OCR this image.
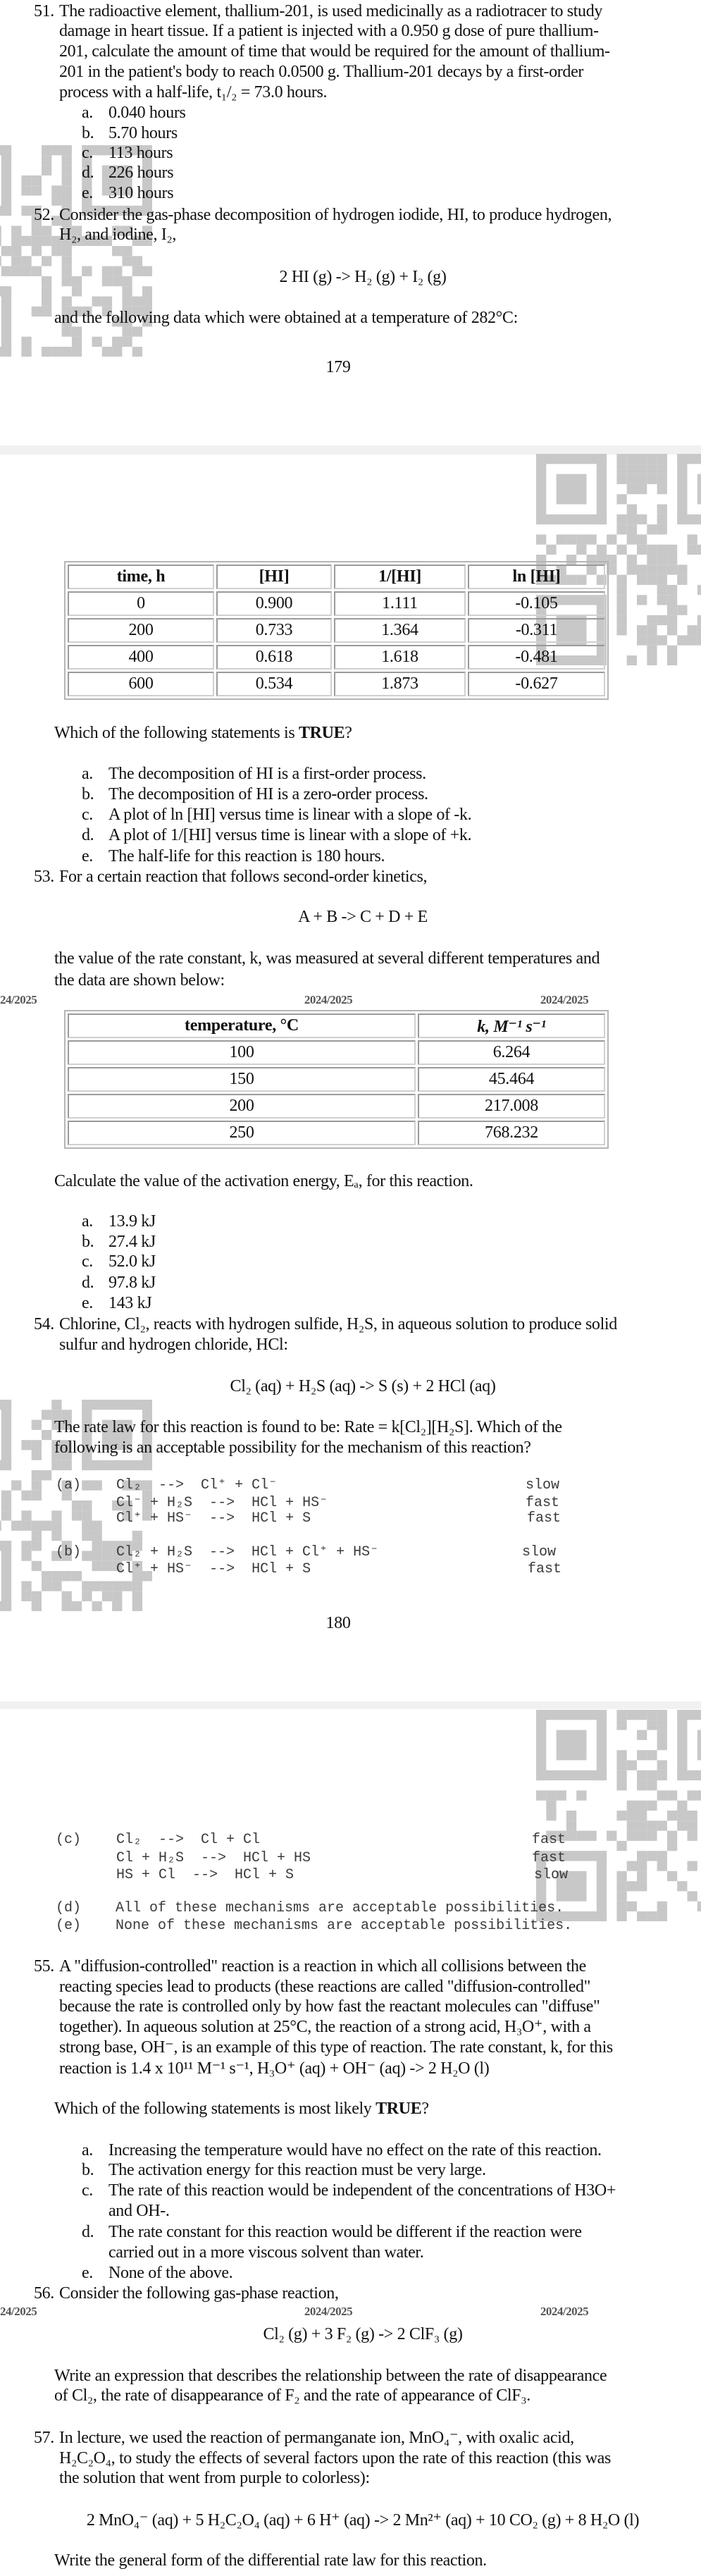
time, h	[HI]	1/[HI]	ln [HI]
0	0.900	1.111	-0.105
200	0.733	1.364	-0.311
400	0.618	1.618	-0.481
600	0.534	1.873	-0.627
temperature, °C	k, M⁻¹ s⁻¹
100	6.264
150	45.464
200	217.008
250	768.232
51. The radioactive element, thallium-201, is used medicinally as a radiotracer to study
damage in heart tissue. If a patient is injected with a 0.950 g dose of pure thallium-
201, calculate the amount of time that would be required for the amount of thallium-
201 in the patient's body to reach 0.0500 g. Thallium-201 decays by a first-order
process with a half-life, t₁/₂ = 73.0 hours.
a. 0.040 hours
b. 5.70 hours
c. 113 hours
d. 226 hours
e. 310 hours
52. Consider the gas-phase decomposition of hydrogen iodide, HI, to produce hydrogen,
H₂, and iodine, I₂,
2 HI (g) -> H₂ (g) + I₂ (g)
and the following data which were obtained at a temperature of 282°C:
179
Which of the following statements is TRUE?
a. The decomposition of HI is a first-order process.
b. The decomposition of HI is a zero-order process.
c. A plot of ln [HI] versus time is linear with a slope of -k.
d. A plot of 1/[HI] versus time is linear with a slope of +k.
e. The half-life for this reaction is 180 hours.
53. For a certain reaction that follows second-order kinetics,
A + B -> C + D + E
the value of the rate constant, k, was measured at several different temperatures and
the data are shown below:
Calculate the value of the activation energy, Eₐ, for this reaction.
a. 13.9 kJ
b. 27.4 kJ
c. 52.0 kJ
d. 97.8 kJ
e. 143 kJ
54. Chlorine, Cl₂, reacts with hydrogen sulfide, H₂S, in aqueous solution to produce solid
sulfur and hydrogen chloride, HCl:
Cl₂ (aq) + H₂S (aq) -> S (s) + 2 HCl (aq)
The rate law for this reaction is found to be: Rate = k[Cl₂][H₂S]. Which of the
following is an acceptable possibility for the mechanism of this reaction?
(a) Cl₂  -->  Cl⁺ + Cl⁻	slow
Cl⁻ + H₂S  -->  HCl + HS⁻	fast
Cl⁺ + HS⁻  -->  HCl + S	fast
(b) Cl₂ + H₂S  -->  HCl + Cl⁺ + HS⁻	slow
Cl⁺ + HS⁻  -->  HCl + S	fast
(c) Cl₂  -->  Cl + Cl	fast
Cl + H₂S  -->  HCl + HS	fast
HS + Cl  -->  HCl + S	slow
180
(d) All of these mechanisms are acceptable possibilities.
(e) None of these mechanisms are acceptable possibilities.
55. A "diffusion-controlled" reaction is a reaction in which all collisions between the
reacting species lead to products (these reactions are called "diffusion-controlled"
because the rate is controlled only by how fast the reactant molecules can "diffuse"
together). In aqueous solution at 25°C, the reaction of a strong acid, H₃O⁺, with a
strong base, OH⁻, is an example of this type of reaction. The rate constant, k, for this
reaction is 1.4 x 10¹¹ M⁻¹ s⁻¹, H₃O⁺ (aq) + OH⁻ (aq) -> 2 H₂O (l)
Which of the following statements is most likely TRUE?
a. Increasing the temperature would have no effect on the rate of this reaction.
b. The activation energy for this reaction must be very large.
c. The rate of this reaction would be independent of the concentrations of H3O+
and OH-.
d. The rate constant for this reaction would be different if the reaction were
carried out in a more viscous solvent than water.
e. None of the above.
56. Consider the following gas-phase reaction,
Cl₂ (g) + 3 F₂ (g) -> 2 ClF₃ (g)
Write an expression that describes the relationship between the rate of disappearance
of Cl₂, the rate of disappearance of F₂ and the rate of appearance of ClF₃.
57. In lecture, we used the reaction of permanganate ion, MnO₄⁻, with oxalic acid,
H₂C₂O₄, to study the effects of several factors upon the rate of this reaction (this was
the solution that went from purple to colorless):
2 MnO₄⁻ (aq) + 5 H₂C₂O₄ (aq) + 6 H⁺ (aq) -> 2 Mn²⁺ (aq) + 10 CO₂ (g) + 8 H₂O (l)
Write the general form of the differential rate law for this reaction.
24/2025	2024/2025	2024/2025
24/2025	2024/2025	2024/2025
